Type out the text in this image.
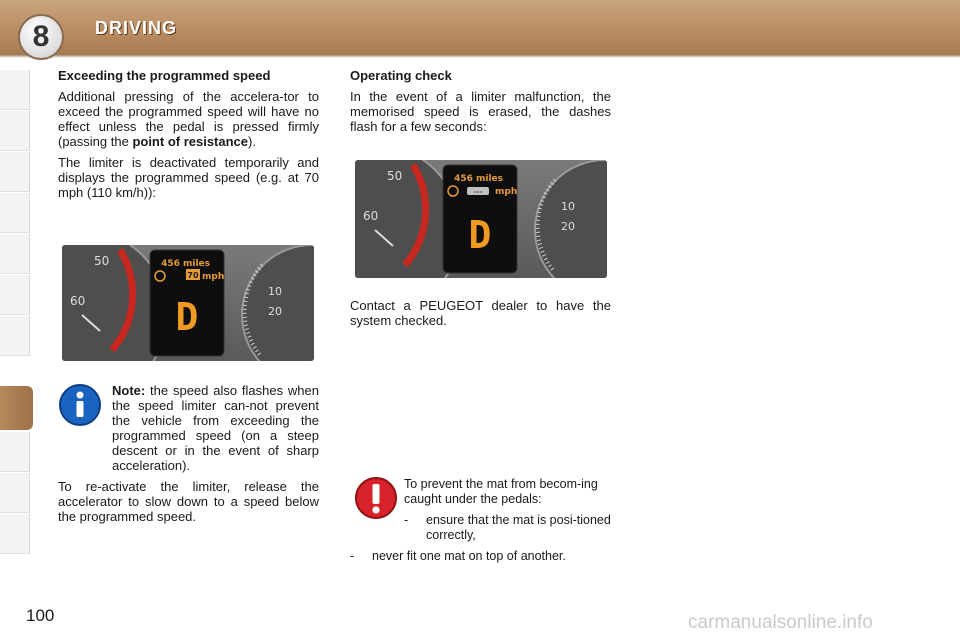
8	DRIVING
Exceeding the programmed speed

Additional pressing of the accelera-tor to exceed the programmed speed will have no effect unless the pedal is pressed firmly (passing the point of resistance).

The limiter is deactivated temporarily and displays the programmed speed (e.g. at 70 mph (110 km/h)):

50
60
10
20
456 miles
70 mph
D

Note: the speed also flashes when the speed limiter can-not prevent the vehicle from exceeding the programmed speed (on a steep descent or in the event of sharp acceleration).

To re-activate the limiter, release the accelerator to slow down to a speed below the programmed speed.

Operating check

In the event of a limiter malfunction, the memorised speed is erased, the dashes flash for a few seconds:

50
60
10
20
456 miles
--- mph
D

Contact a PEUGEOT dealer to have the system checked.

To prevent the mat from becom-ing caught under the pedals:

-	ensure that the mat is posi-tioned correctly,
-	never fit one mat on top of another.
100	carmanualsonline.info
